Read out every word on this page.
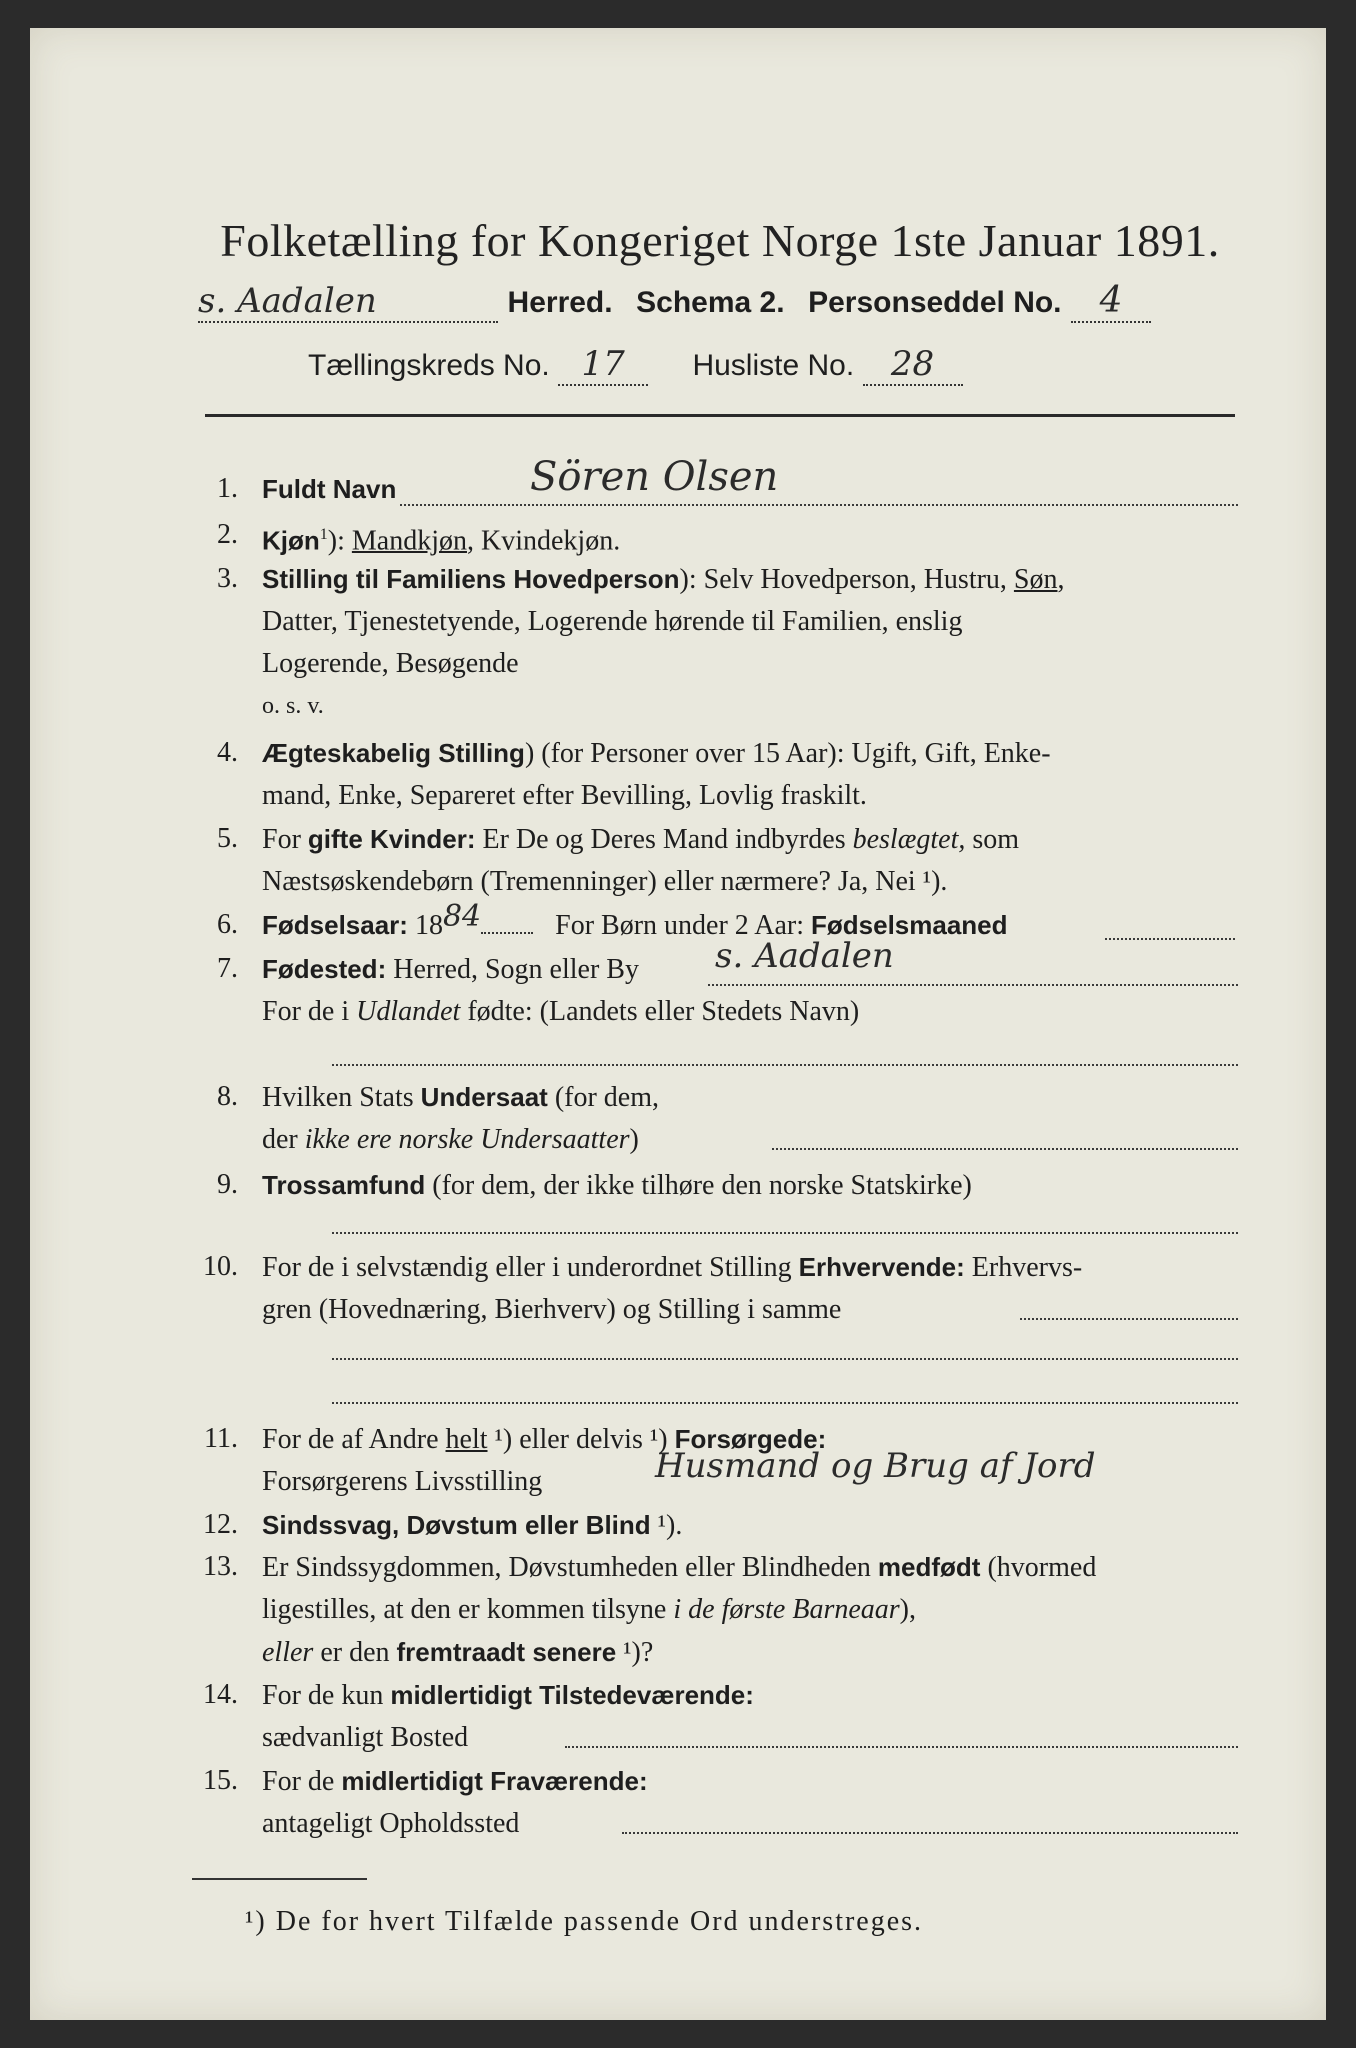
Folketælling for Kongeriget Norge 1ste Januar 1891.
s. Aadalen	Herred. Schema 2. Personseddel No. 4
Tællingskreds No. 17 Husliste No. 28
1. Fuldt Navn	Sören Olsen
2. Kjøn$^1$): Mandkjøn, Kvindekjøn.
3. Stilling til Familiens Hovedperson): Selv Hovedperson, Hustru, Søn,
Datter, Tjenestetyende, Logerende hørende til Familien, enslig
Logerende, Besøgende
o. s. v.
4. Ægteskabelig Stilling) (for Personer over 15 Aar): Ugift, Gift, Enke-
mand, Enke, Separeret efter Bevilling, Lovlig fraskilt.
5. For gifte Kvinder: Er De og Deres Mand indbyrdes beslægtet, som
Næstsøskendebørn (Tremenninger) eller nærmere? Ja, Nei ¹).
6. Fødselsaar: 1884	For Børn under 2 Aar: Fødselsmaaned
7. Fødested: Herred, Sogn eller By
For de i Udlandet fødte: (Landets eller Stedets Navn)
s. Aadalen
8. Hvilken Stats Undersaat (for dem,
der ikke ere norske Undersaatter)
9. Trossamfund (for dem, der ikke tilhøre den norske Statskirke)
10. For de i selvstændig eller i underordnet Stilling Erhvervende: Erhvervs-
gren (Hovednæring, Bierhverv) og Stilling i samme
11. For de af Andre helt ¹) eller delvis ¹) Forsørgede:
Forsørgerens Livsstilling	Husmand og Brug af Jord
12. Sindssvag, Døvstum eller Blind ¹).
13. Er Sindssygdommen, Døvstumheden eller Blindheden medfødt (hvormed
ligestilles, at den er kommen tilsyne i de første Barneaar),
eller er den fremtraadt senere ¹)?
14. For de kun midlertidigt Tilstedeværende:
sædvanligt Bosted
15. For de midlertidigt Fraværende:
antageligt Opholdssted
¹) De for hvert Tilfælde passende Ord understreges.
